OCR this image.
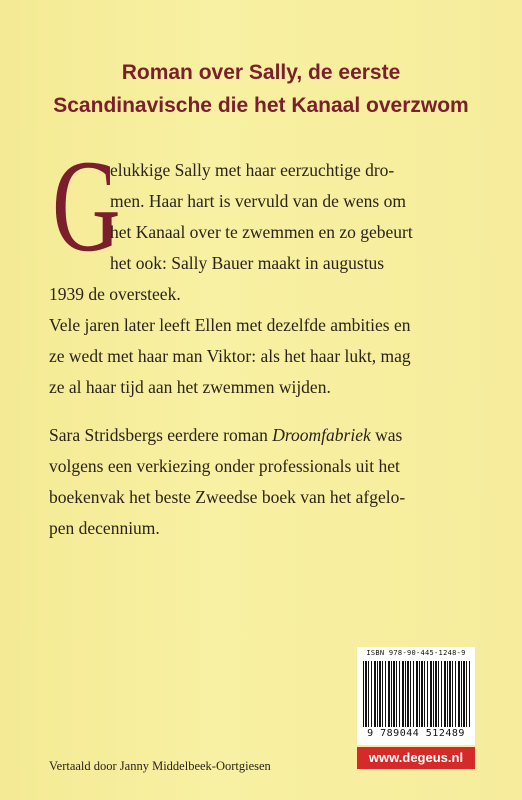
Roman over Sally, de eerste
Scandinavische die het Kanaal overzwom
G
elukkige Sally met haar eerzuchtige dro-
men. Haar hart is vervuld van de wens om
het Kanaal over te zwemmen en zo gebeurt
het ook: Sally Bauer maakt in augustus
1939 de oversteek.
Vele jaren later leeft Ellen met dezelfde ambities en
ze wedt met haar man Viktor: als het haar lukt, mag
ze al haar tijd aan het zwemmen wijden.
Sara Stridsbergs eerdere roman Droomfabriek was
volgens een verkiezing onder professionals uit het
boekenvak het beste Zweedse boek van het afgelo-
pen decennium.
ISBN 978-90-445-1248-9
9 789044 512489
www.degeus.nl
Vertaald door Janny Middelbeek-Oortgiesen
